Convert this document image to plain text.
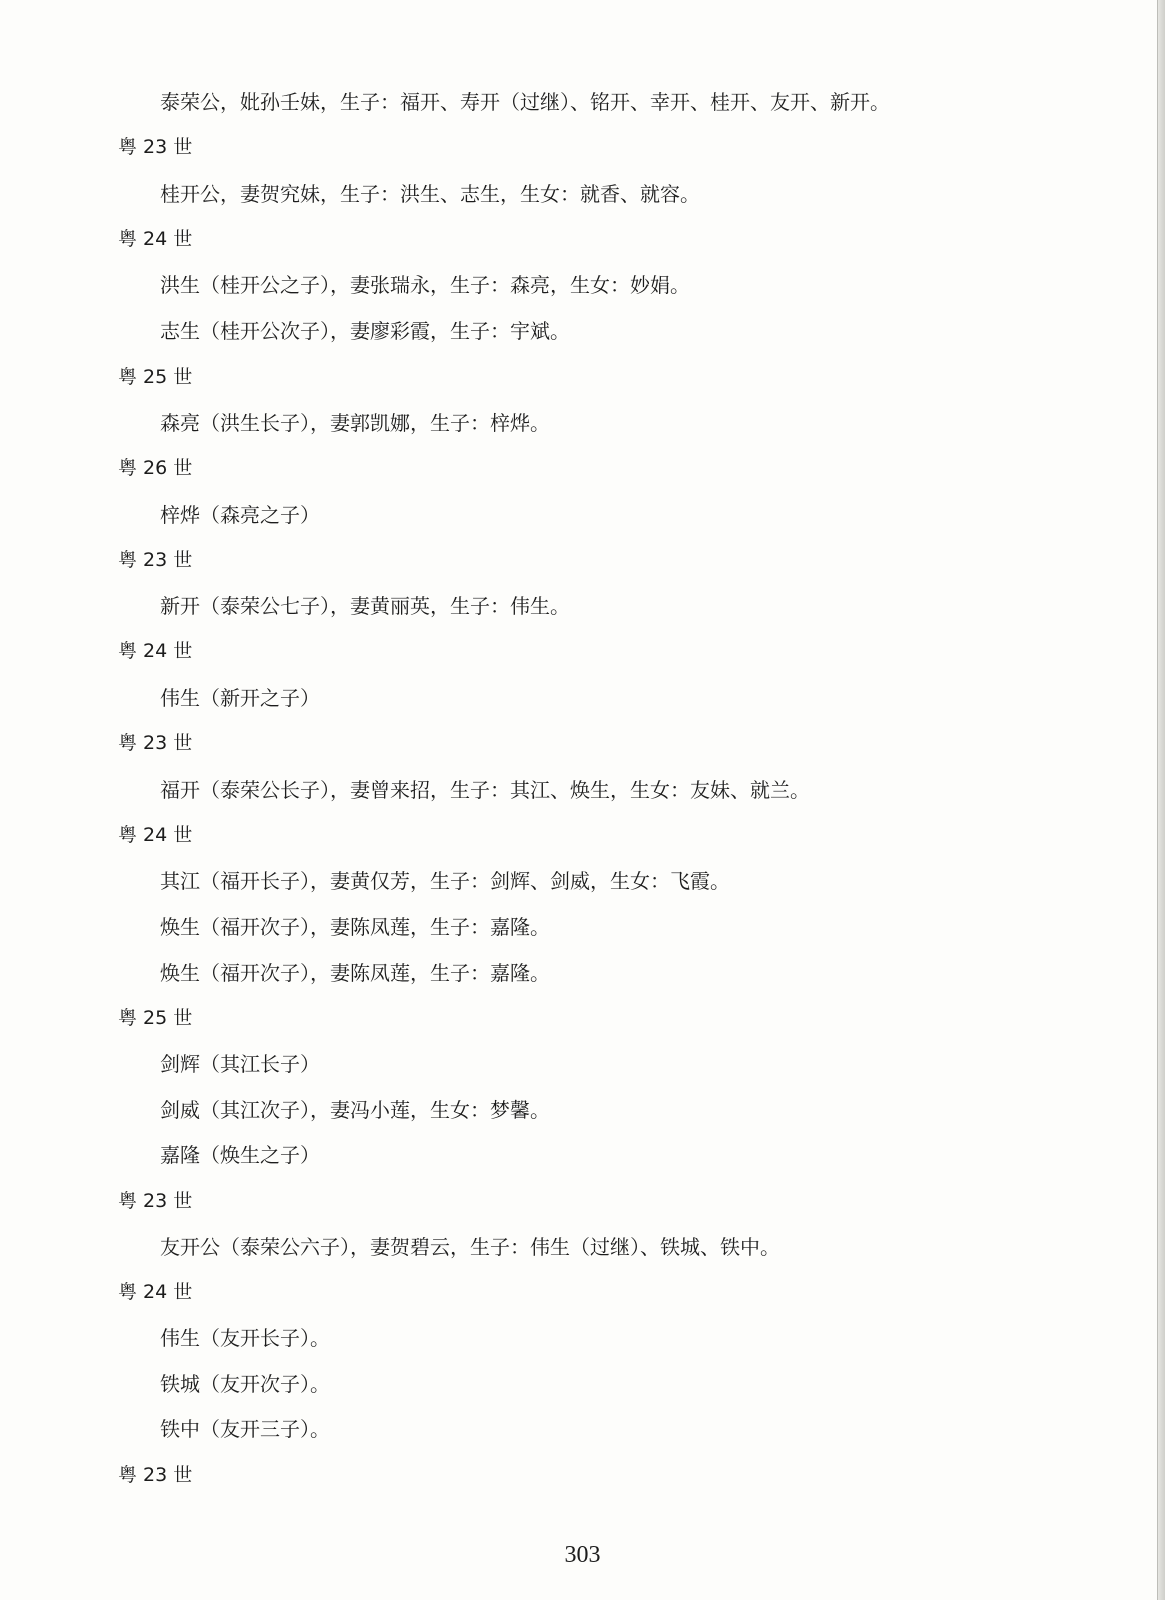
泰荣公，妣孙壬妹，生子：福开、寿开（过继）、铭开、幸开、桂开、友开、新开。
粤 23 世
桂开公，妻贺究妹，生子：洪生、志生，生女：就香、就容。
粤 24 世
洪生（桂开公之子），妻张瑞永，生子：森亮，生女：妙娟。
志生（桂开公次子），妻廖彩霞，生子：宇斌。
粤 25 世
森亮（洪生长子），妻郭凯娜，生子：梓烨。
粤 26 世
梓烨（森亮之子）
粤 23 世
新开（泰荣公七子），妻黄丽英，生子：伟生。
粤 24 世
伟生（新开之子）
粤 23 世
福开（泰荣公长子），妻曾来招，生子：其江、焕生，生女：友妹、就兰。
粤 24 世
其江（福开长子），妻黄仅芳，生子：剑辉、剑威，生女：飞霞。
焕生（福开次子），妻陈凤莲，生子：嘉隆。
焕生（福开次子），妻陈凤莲，生子：嘉隆。
粤 25 世
剑辉（其江长子）
剑威（其江次子），妻冯小莲，生女：梦馨。
嘉隆（焕生之子）
粤 23 世
友开公（泰荣公六子），妻贺碧云，生子：伟生（过继）、铁城、铁中。
粤 24 世
伟生（友开长子）。
铁城（友开次子）。
铁中（友开三子）。
粤 23 世
303
